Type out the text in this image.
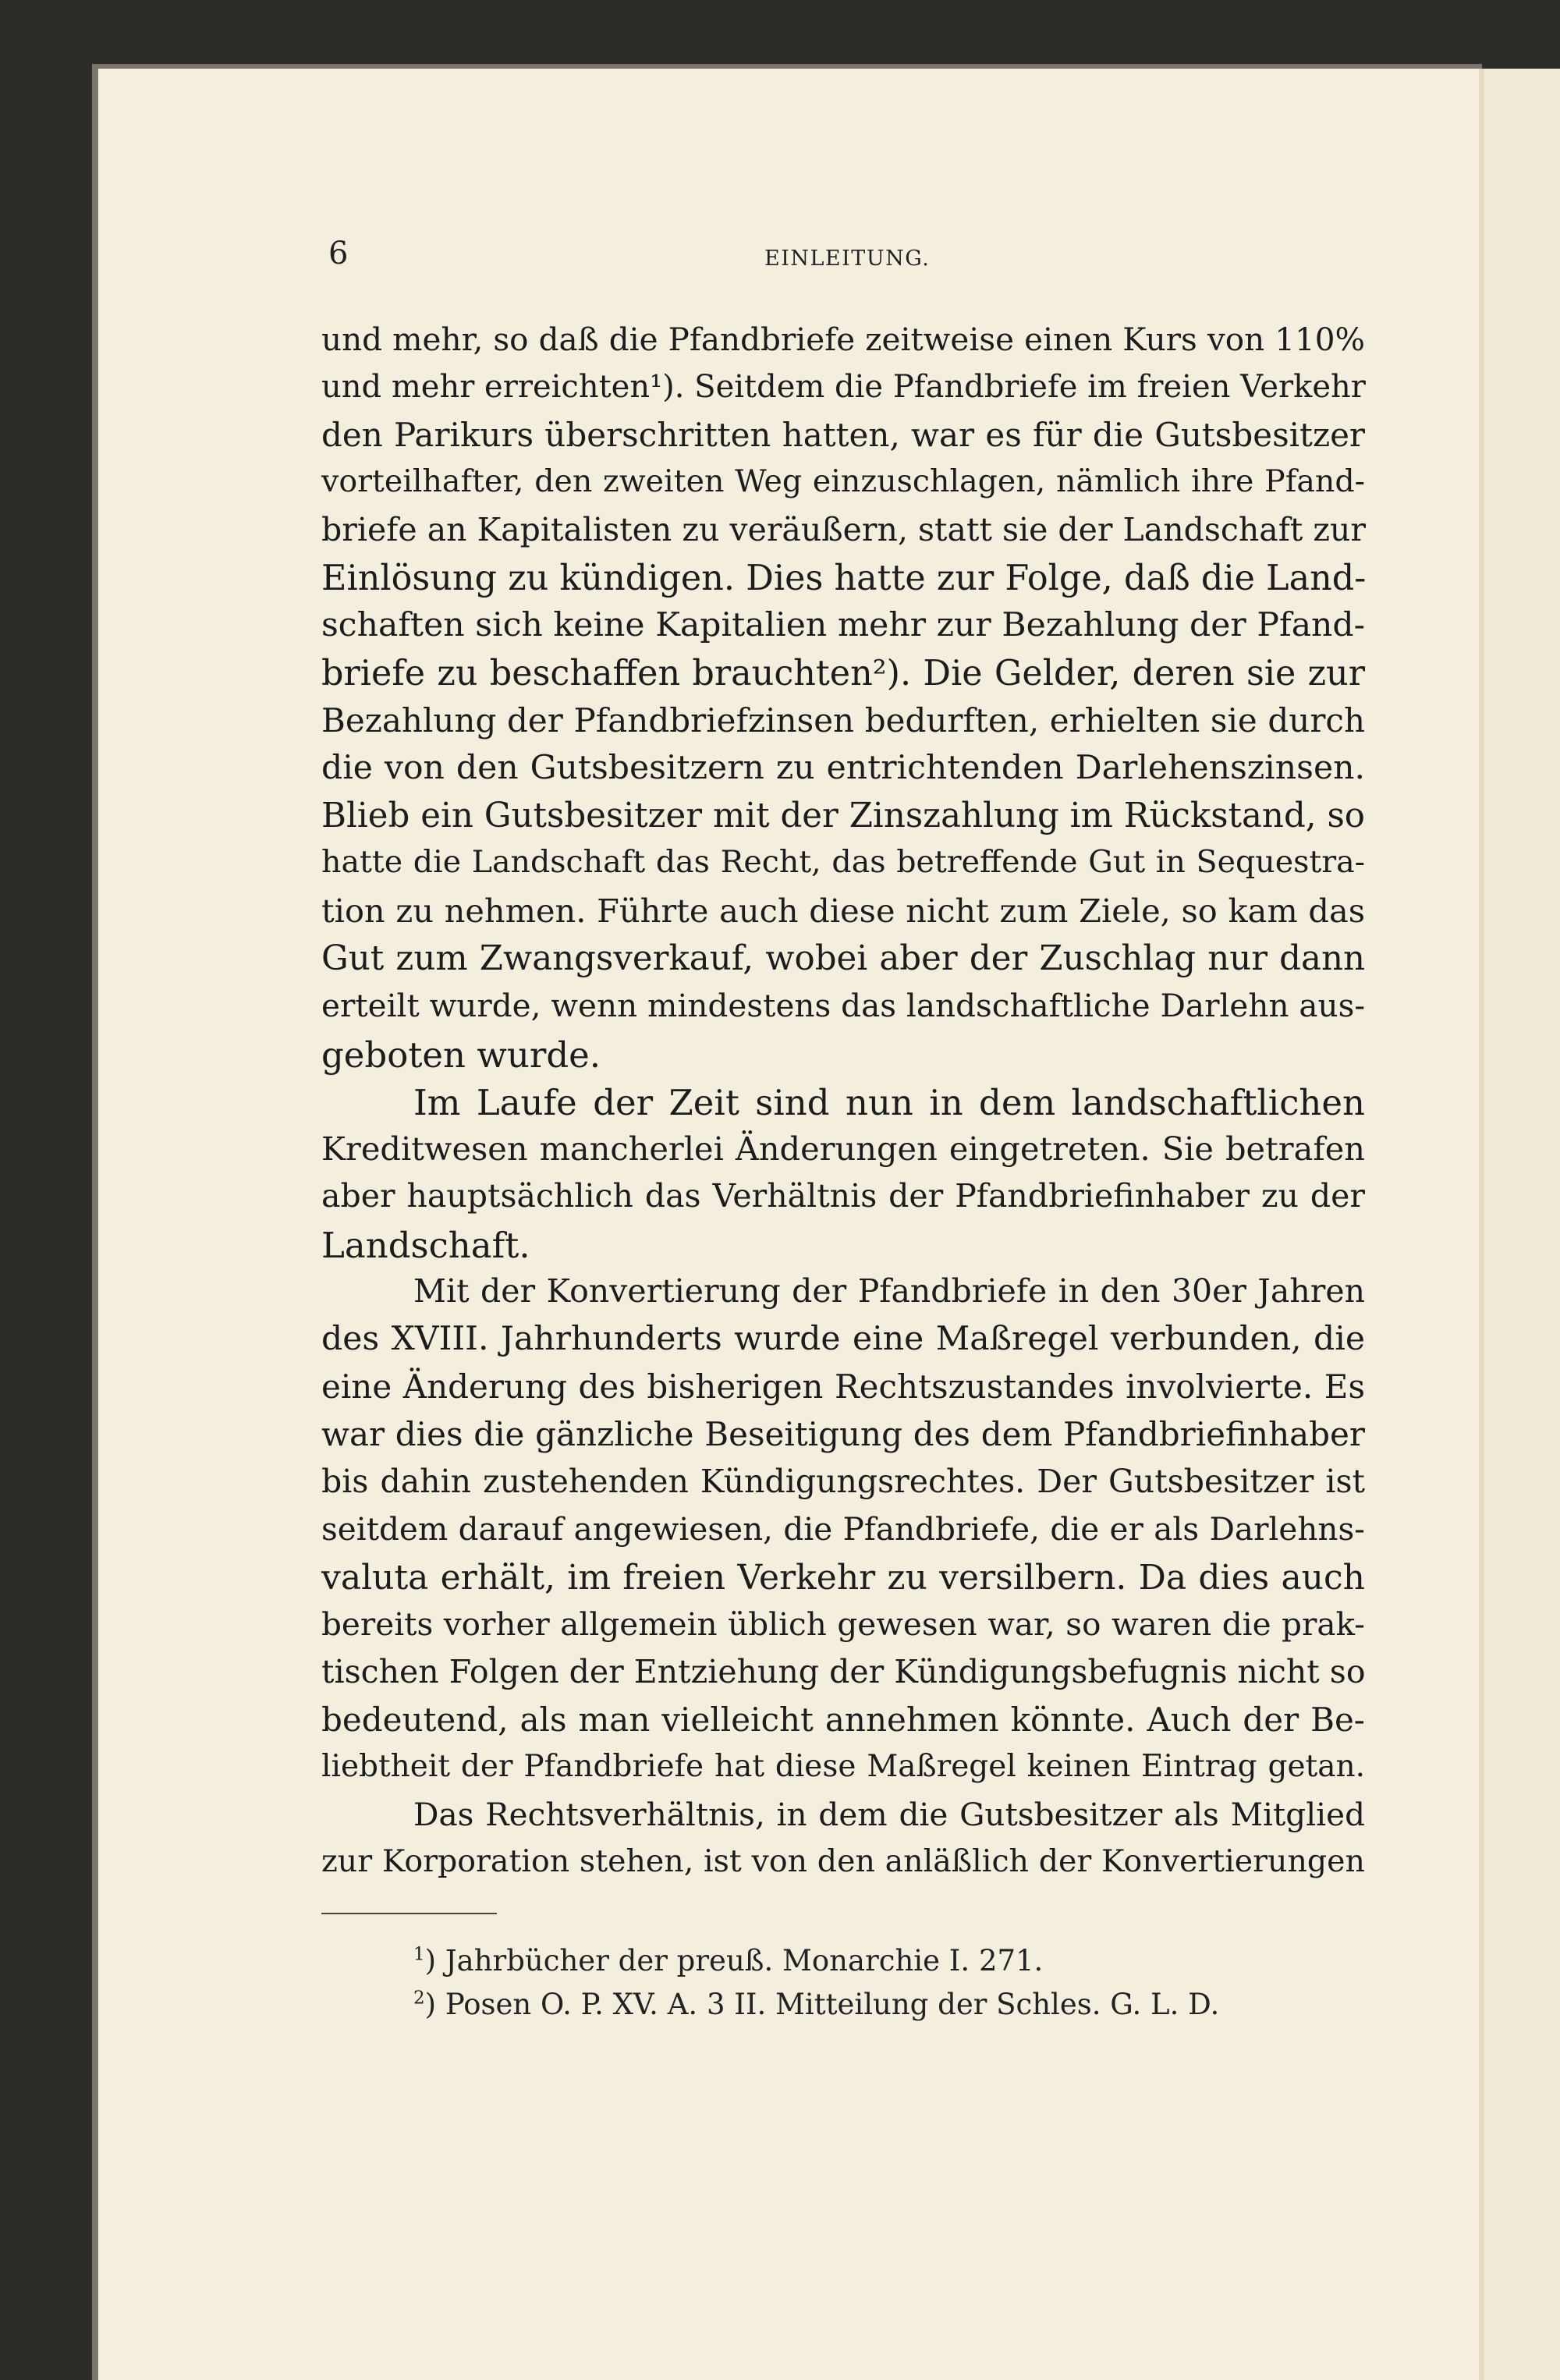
6	EINLEITUNG.
und mehr, so daß die Pfandbriefe zeitweise einen Kurs von 110%
und mehr erreichten¹). Seitdem die Pfandbriefe im freien Verkehr
den Parikurs überschritten hatten, war es für die Gutsbesitzer
vorteilhafter, den zweiten Weg einzuschlagen, nämlich ihre Pfand-
briefe an Kapitalisten zu veräußern, statt sie der Landschaft zur
Einlösung zu kündigen. Dies hatte zur Folge, daß die Land-
schaften sich keine Kapitalien mehr zur Bezahlung der Pfand-
briefe zu beschaffen brauchten²). Die Gelder, deren sie zur
Bezahlung der Pfandbriefzinsen bedurften, erhielten sie durch
die von den Gutsbesitzern zu entrichtenden Darlehenszinsen.
Blieb ein Gutsbesitzer mit der Zinszahlung im Rückstand, so
hatte die Landschaft das Recht, das betreffende Gut in Sequestra-
tion zu nehmen. Führte auch diese nicht zum Ziele, so kam das
Gut zum Zwangsverkauf, wobei aber der Zuschlag nur dann
erteilt wurde, wenn mindestens das landschaftliche Darlehn aus-
geboten wurde.
Im Laufe der Zeit sind nun in dem landschaftlichen
Kreditwesen mancherlei Änderungen eingetreten. Sie betrafen
aber hauptsächlich das Verhältnis der Pfandbriefinhaber zu der
Landschaft.
Mit der Konvertierung der Pfandbriefe in den 30er Jahren
des XVIII. Jahrhunderts wurde eine Maßregel verbunden, die
eine Änderung des bisherigen Rechtszustandes involvierte. Es
war dies die gänzliche Beseitigung des dem Pfandbriefinhaber
bis dahin zustehenden Kündigungsrechtes. Der Gutsbesitzer ist
seitdem darauf angewiesen, die Pfandbriefe, die er als Darlehns-
valuta erhält, im freien Verkehr zu versilbern. Da dies auch
bereits vorher allgemein üblich gewesen war, so waren die prak-
tischen Folgen der Entziehung der Kündigungsbefugnis nicht so
bedeutend, als man vielleicht annehmen könnte. Auch der Be-
liebtheit der Pfandbriefe hat diese Maßregel keinen Eintrag getan.
Das Rechtsverhältnis, in dem die Gutsbesitzer als Mitglied
zur Korporation stehen, ist von den anläßlich der Konvertierungen
$^1$) Jahrbücher der preuß. Monarchie I. 271.
$^2$) Posen O. P. XV. A. 3 II. Mitteilung der Schles. G. L. D.
